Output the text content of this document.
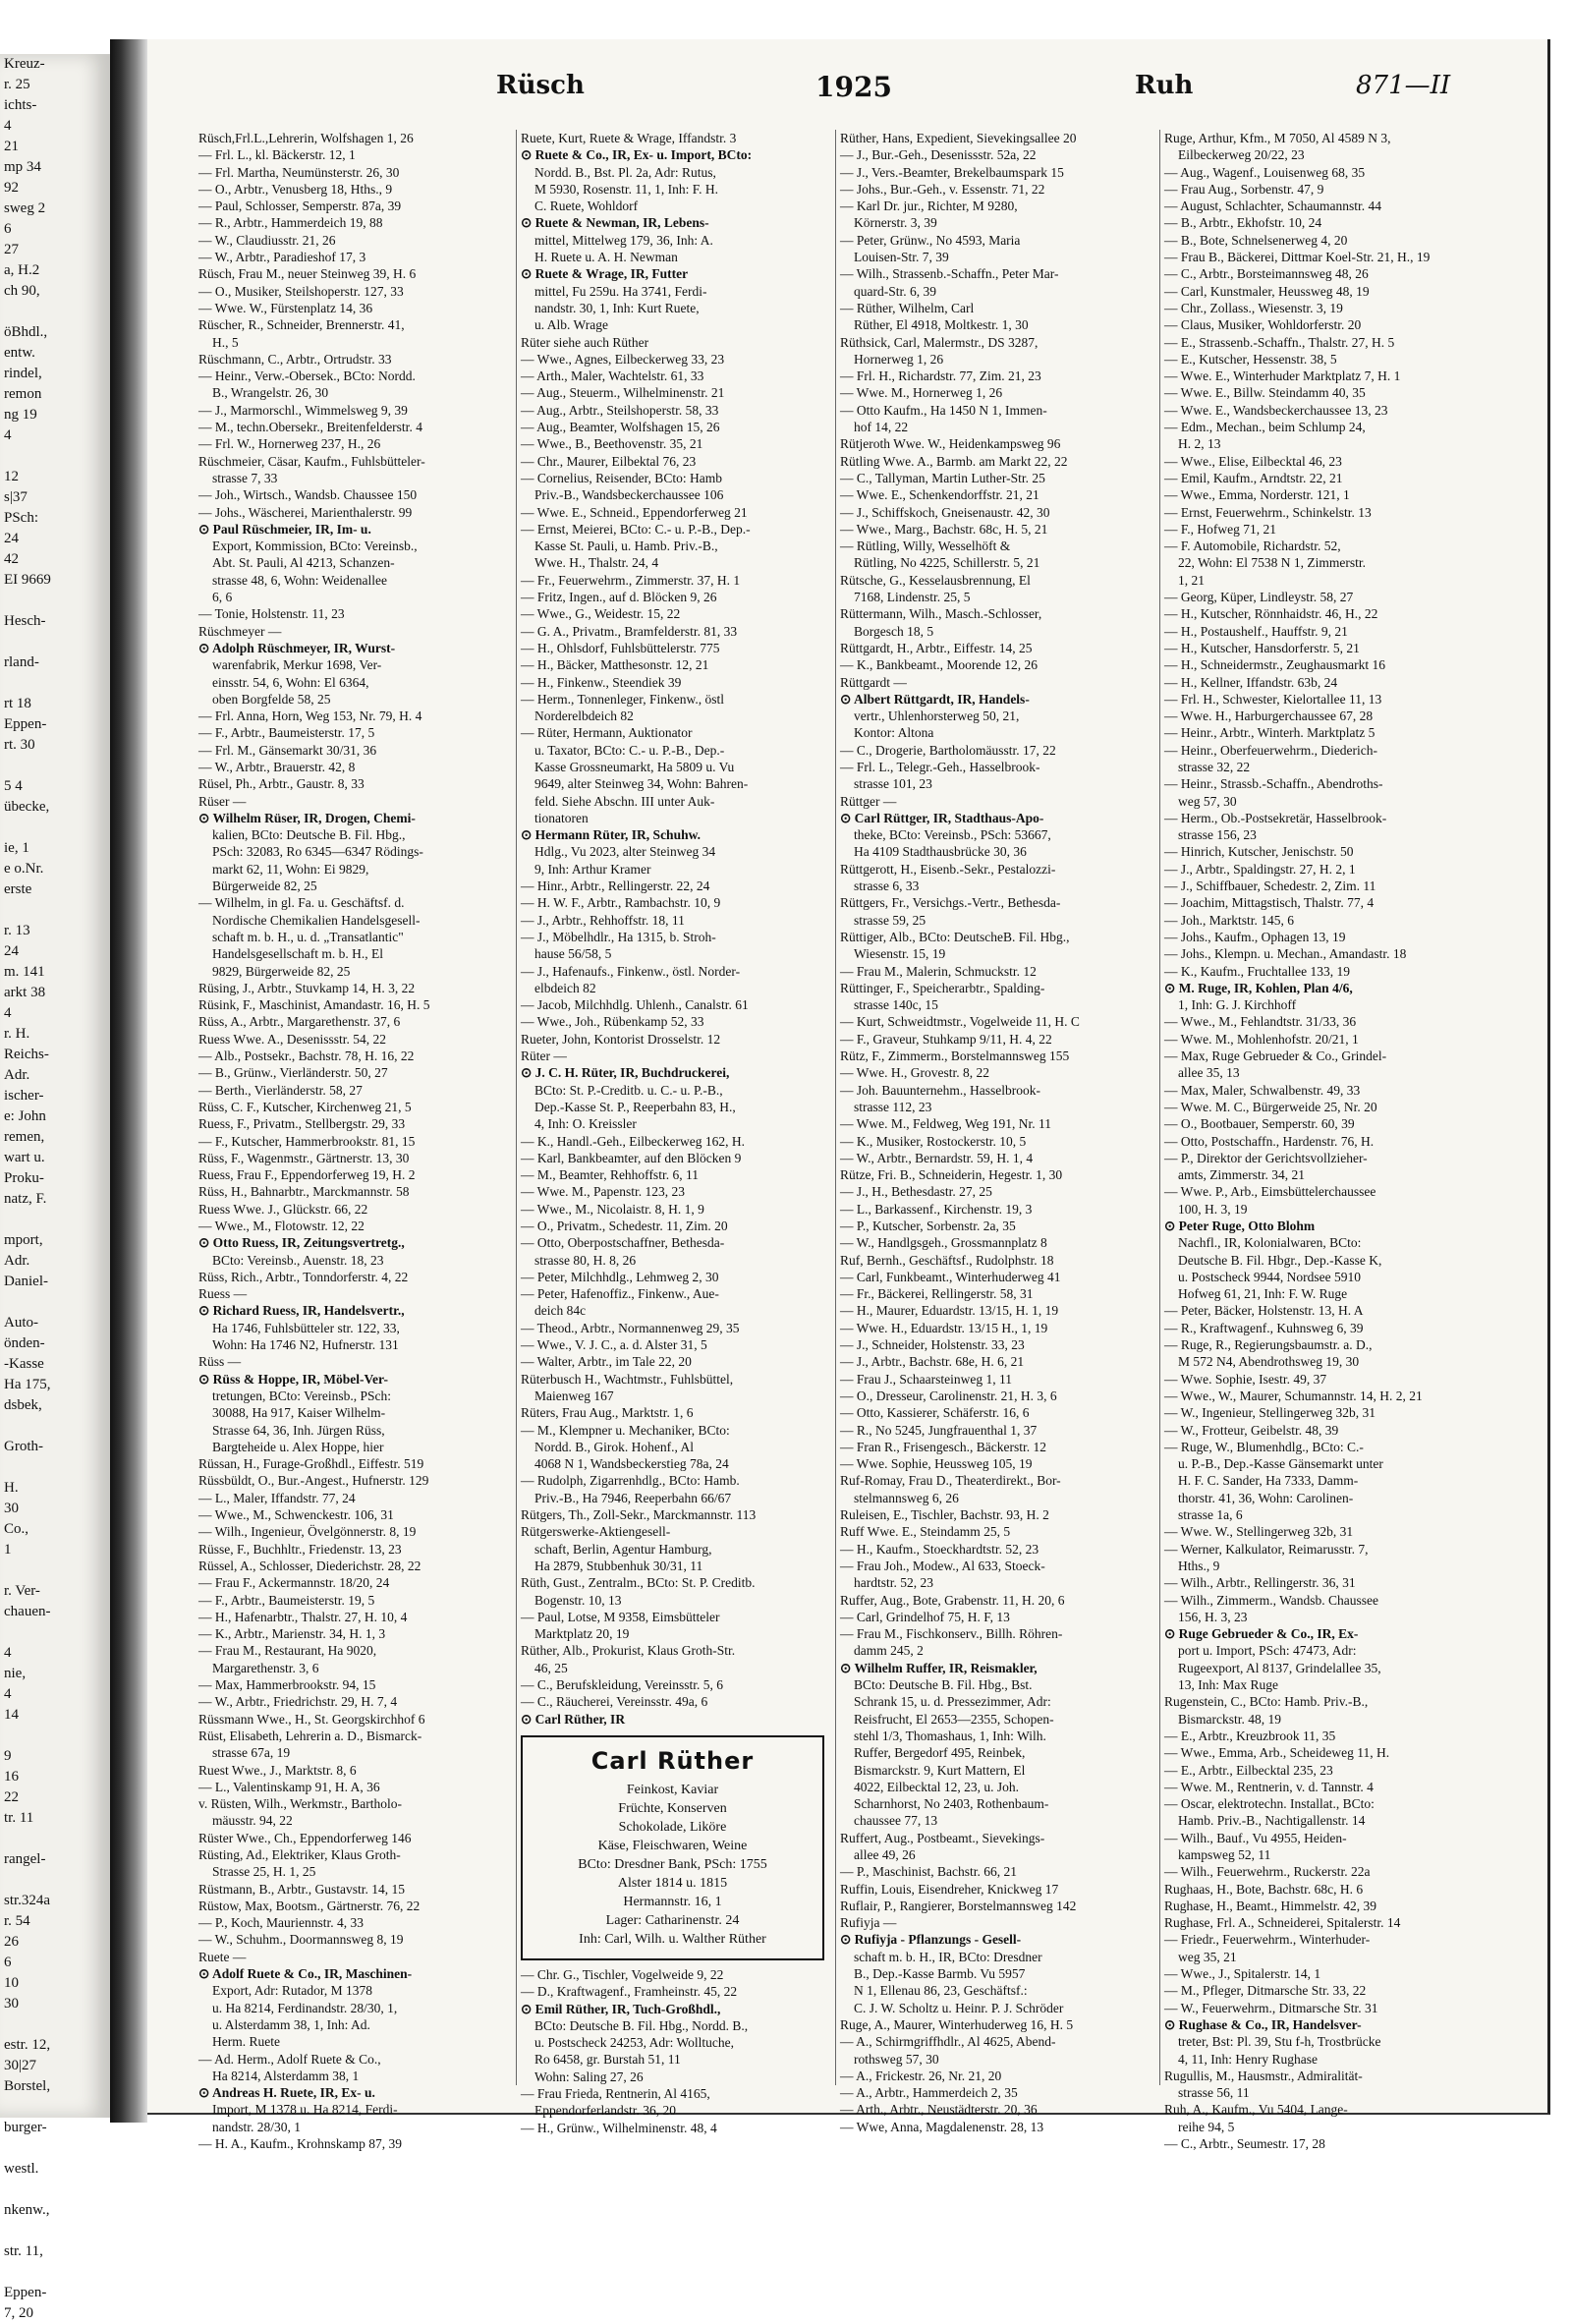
Kreuz-
r. 25
ichts-
4
21
mp 34
92
sweg 2
6
27
a, H.2
ch 90,

öBhdl.,
entw.
rindel,
remon
ng 19
4

12
s|37
PSch:
24
42
EI 9669

Hesch-

rland-

rt 18
Eppen-
rt. 30

5 4
übecke,

ie, 1
e o.Nr.
erste

r. 13
24
m. 141
arkt 38
4
r. H.
Reichs-
Adr.
ischer-
e: John
remen,
wart u.
Proku-
natz, F.

mport,
Adr.
Daniel-

Auto-
önden-
-Kasse
Ha 175,
dsbek,

Groth-

H.
30
Co.,
1

r. Ver-
chauen-

4
nie,
4
14

9
16
22
tr. 11

rangel-

str.324a
r. 54
26
6
10
30

estr. 12,
30|27
Borstel,

burger-

westl.

nkenw.,

str. 11,

Eppen-
7, 20
Rüsch	1925	Ruh	871—II
Rüsch,Frl.L.,Lehrerin, Wolfshagen 1, 26
— Frl. L., kl. Bäckerstr. 12, 1
— Frl. Martha, Neumünsterstr. 26, 30
— O., Arbtr., Venusberg 18, Hths., 9
— Paul, Schlosser, Semperstr. 87a, 39
— R., Arbtr., Hammerdeich 19, 88
— W., Claudiusstr. 21, 26
— W., Arbtr., Paradieshof 17, 3
Rüsch, Frau M., neuer Steinweg 39, H. 6
— O., Musiker, Steilshoperstr. 127, 33
— Wwe. W., Fürstenplatz 14, 36
Rüscher, R., Schneider, Brennerstr. 41,
H., 5
Rüschmann, C., Arbtr., Ortrudstr. 33
— Heinr., Verw.-Obersek., BCto: Nordd.
B., Wrangelstr. 26, 30
— J., Marmorschl., Wimmelsweg 9, 39
— M., techn.Obersekr., Breitenfelderstr. 4
— Frl. W., Hornerweg 237, H., 26
Rüschmeier, Cäsar, Kaufm., Fuhlsbütteler-
strasse 7, 33
— Joh., Wirtsch., Wandsb. Chaussee 150
— Johs., Wäscherei, Marienthalerstr. 99
⊙ Paul Rüschmeier, IR, Im- u.
Export, Kommission, BCto: Vereinsb.,
Abt. St. Pauli, Al 4213, Schanzen-
strasse 48, 6, Wohn: Weidenallee
6, 6
— Tonie, Holstenstr. 11, 23
Rüschmeyer —
⊙ Adolph Rüschmeyer, IR, Wurst-
warenfabrik, Merkur 1698, Ver-
einsstr. 54, 6, Wohn: El 6364,
oben Borgfelde 58, 25
— Frl. Anna, Horn, Weg 153, Nr. 79, H. 4
— F., Arbtr., Baumeisterstr. 17, 5
— Frl. M., Gänsemarkt 30/31, 36
— W., Arbtr., Brauerstr. 42, 8
Rüsel, Ph., Arbtr., Gaustr. 8, 33
Rüser —
⊙ Wilhelm Rüser, IR, Drogen, Chemi-
kalien, BCto: Deutsche B. Fil. Hbg.,
PSch: 32083, Ro 6345—6347 Rödings-
markt 62, 11, Wohn: Ei 9829,
Bürgerweide 82, 25
— Wilhelm, in gl. Fa. u. Geschäftsf. d.
Nordische Chemikalien Handelsgesell-
schaft m. b. H., u. d. „Transatlantic"
Handelsgesellschaft m. b. H., El
9829, Bürgerweide 82, 25
Rüsing, J., Arbtr., Stuvkamp 14, H. 3, 22
Rüsink, F., Maschinist, Amandastr. 16, H. 5
Rüss, A., Arbtr., Margarethenstr. 37, 6
Ruess Wwe. A., Desenissstr. 54, 22
— Alb., Postsekr., Bachstr. 78, H. 16, 22
— B., Grünw., Vierländerstr. 50, 27
— Berth., Vierländerstr. 58, 27
Rüss, C. F., Kutscher, Kirchenweg 21, 5
Ruess, F., Privatm., Stellbergstr. 29, 33
— F., Kutscher, Hammerbrookstr. 81, 15
Rüss, F., Wagenmstr., Gärtnerstr. 13, 30
Ruess, Frau F., Eppendorferweg 19, H. 2
Rüss, H., Bahnarbtr., Marckmannstr. 58
Ruess Wwe. J., Glückstr. 66, 22
— Wwe., M., Flotowstr. 12, 22
⊙ Otto Ruess, IR, Zeitungsvertretg.,
BCto: Vereinsb., Auenstr. 18, 23
Rüss, Rich., Arbtr., Tonndorferstr. 4, 22
Ruess —
⊙ Richard Ruess, IR, Handelsvertr.,
Ha 1746, Fuhlsbütteler str. 122, 33,
Wohn: Ha 1746 N2, Hufnerstr. 131
Rüss —
⊙ Rüss & Hoppe, IR, Möbel-Ver-
tretungen, BCto: Vereinsb., PSch:
30088, Ha 917, Kaiser Wilhelm-
Strasse 64, 36, Inh. Jürgen Rüss,
Bargteheide u. Alex Hoppe, hier
Rüssan, H., Furage-Großhdl., Eiffestr. 519
Rüssbüldt, O., Bur.-Angest., Hufnerstr. 129
— L., Maler, Iffandstr. 77, 24
— Wwe., M., Schwenckestr. 106, 31
— Wilh., Ingenieur, Övelgönnerstr. 8, 19
Rüsse, F., Buchhltr., Friedenstr. 13, 23
Rüssel, A., Schlosser, Diederichstr. 28, 22
— Frau F., Ackermannstr. 18/20, 24
— F., Arbtr., Baumeisterstr. 19, 5
— H., Hafenarbtr., Thalstr. 27, H. 10, 4
— K., Arbtr., Marienstr. 34, H. 1, 3
— Frau M., Restaurant, Ha 9020,
Margarethenstr. 3, 6
— Max, Hammerbrookstr. 94, 15
— W., Arbtr., Friedrichstr. 29, H. 7, 4
Rüssmann Wwe., H., St. Georgskirchhof 6
Rüst, Elisabeth, Lehrerin a. D., Bismarck-
strasse 67a, 19
Ruest Wwe., J., Marktstr. 8, 6
— L., Valentinskamp 91, H. A, 36
v. Rüsten, Wilh., Werkmstr., Bartholo-
mäusstr. 94, 22
Rüster Wwe., Ch., Eppendorferweg 146
Rüsting, Ad., Elektriker, Klaus Groth-
Strasse 25, H. 1, 25
Rüstmann, B., Arbtr., Gustavstr. 14, 15
Rüstow, Max, Bootsm., Gärtnerstr. 76, 22
— P., Koch, Mauriennstr. 4, 33
— W., Schuhm., Doormannsweg 8, 19
Ruete —
⊙ Adolf Ruete & Co., IR, Maschinen-
Export, Adr: Rutador, M 1378
u. Ha 8214, Ferdinandstr. 28/30, 1,
u. Alsterdamm 38, 1, Inh: Ad.
Herm. Ruete
— Ad. Herm., Adolf Ruete & Co.,
Ha 8214, Alsterdamm 38, 1
⊙ Andreas H. Ruete, IR, Ex- u.
Import, M 1378 u. Ha 8214, Ferdi-
nandstr. 28/30, 1
— H. A., Kaufm., Krohnskamp 87, 39
Ruete, Kurt, Ruete & Wrage, Iffandstr. 3
⊙ Ruete & Co., IR, Ex- u. Import, BCto:
Nordd. B., Bst. Pl. 2a, Adr: Rutus,
M 5930, Rosenstr. 11, 1, Inh: F. H.
C. Ruete, Wohldorf
⊙ Ruete & Newman, IR, Lebens-
mittel, Mittelweg 179, 36, Inh: A.
H. Ruete u. A. H. Newman
⊙ Ruete & Wrage, IR, Futter
mittel, Fu 259u. Ha 3741, Ferdi-
nandstr. 30, 1, Inh: Kurt Ruete,
u. Alb. Wrage
Rüter siehe auch Rüther
— Wwe., Agnes, Eilbeckerweg 33, 23
— Arth., Maler, Wachtelstr. 61, 33
— Aug., Steuerm., Wilhelminenstr. 21
— Aug., Arbtr., Steilshoperstr. 58, 33
— Aug., Beamter, Wolfshagen 15, 26
— Wwe., B., Beethovenstr. 35, 21
— Chr., Maurer, Eilbektal 76, 23
— Cornelius, Reisender, BCto: Hamb
Priv.-B., Wandsbeckerchaussee 106
— Wwe. E., Schneid., Eppendorferweg 21
— Ernst, Meierei, BCto: C.- u. P.-B., Dep.-
Kasse St. Pauli, u. Hamb. Priv.-B.,
Wwe. H., Thalstr. 24, 4
— Fr., Feuerwehrm., Zimmerstr. 37, H. 1
— Fritz, Ingen., auf d. Blöcken 9, 26
— Wwe., G., Weidestr. 15, 22
— G. A., Privatm., Bramfelderstr. 81, 33
— H., Ohlsdorf, Fuhlsbüttelerstr. 775
— H., Bäcker, Matthesonstr. 12, 21
— H., Finkenw., Steendiek 39
— Herm., Tonnenleger, Finkenw., östl
Norderelbdeich 82
— Rüter, Hermann, Auktionator
u. Taxator, BCto: C.- u. P.-B., Dep.-
Kasse Grossneumarkt, Ha 5809 u. Vu
9649, alter Steinweg 34, Wohn: Bahren-
feld. Siehe Abschn. III unter Auk-
tionatoren
⊙ Hermann Rüter, IR, Schuhw.
Hdlg., Vu 2023, alter Steinweg 34
9, Inh: Arthur Kramer
— Hinr., Arbtr., Rellingerstr. 22, 24
— H. W. F., Arbtr., Rambachstr. 10, 9
— J., Arbtr., Rehhoffstr. 18, 11
— J., Möbelhdlr., Ha 1315, b. Stroh-
hause 56/58, 5
— J., Hafenaufs., Finkenw., östl. Norder-
elbdeich 82
— Jacob, Milchhdlg. Uhlenh., Canalstr. 61
— Wwe., Joh., Rübenkamp 52, 33
Rueter, John, Kontorist Drosselstr. 12
Rüter —
⊙ J. C. H. Rüter, IR, Buchdruckerei,
BCto: St. P.-Creditb. u. C.- u. P.-B.,
Dep.-Kasse St. P., Reeperbahn 83, H.,
4, Inh: O. Kreissler
— K., Handl.-Geh., Eilbeckerweg 162, H.
— Karl, Bankbeamter, auf den Blöcken 9
— M., Beamter, Rehhoffstr. 6, 11
— Wwe. M., Papenstr. 123, 23
— Wwe., M., Nicolaistr. 8, H. 1, 9
— O., Privatm., Schedestr. 11, Zim. 20
— Otto, Oberpostschaffner, Bethesda-
strasse 80, H. 8, 26
— Peter, Milchhdlg., Lehmweg 2, 30
— Peter, Hafenoffiz., Finkenw., Aue-
deich 84c
— Theod., Arbtr., Normannenweg 29, 35
— Wwe., V. J. C., a. d. Alster 31, 5
— Walter, Arbtr., im Tale 22, 20
Rüterbusch H., Wachtmstr., Fuhlsbüttel,
Maienweg 167
Rüters, Frau Aug., Marktstr. 1, 6
— M., Klempner u. Mechaniker, BCto:
Nordd. B., Girok. Hohenf., Al
4068 N 1, Wandsbeckerstieg 78a, 24
— Rudolph, Zigarrenhdlg., BCto: Hamb.
Priv.-B., Ha 7946, Reeperbahn 66/67
Rütgers, Th., Zoll-Sekr., Marckmannstr. 113
Rütgerswerke-Aktiengesell-
schaft, Berlin, Agentur Hamburg,
Ha 2879, Stubbenhuk 30/31, 11
Rüth, Gust., Zentralm., BCto: St. P. Creditb.
Bogenstr. 10, 13
— Paul, Lotse, M 9358, Eimsbütteler
Marktplatz 20, 19
Rüther, Alb., Prokurist, Klaus Groth-Str.
46, 25
— C., Berufskleidung, Vereinsstr. 5, 6
— C., Räucherei, Vereinsstr. 49a, 6
⊙ Carl Rüther, IR
Carl Rüther
Feinkost, Kaviar
Früchte, Konserven
Schokolade, Liköre
Käse, Fleischwaren, Weine
BCto: Dresdner Bank, PSch: 1755
Alster 1814 u. 1815
Hermannstr. 16, 1
Lager: Catharinenstr. 24
Inh: Carl, Wilh. u. Walther Rüther
— Chr. G., Tischler, Vogelweide 9, 22
— D., Kraftwagenf., Framheinstr. 45, 22
⊙ Emil Rüther, IR, Tuch-Großhdl.,
BCto: Deutsche B. Fil. Hbg., Nordd. B.,
u. Postscheck 24253, Adr: Wolltuche,
Ro 6458, gr. Burstah 51, 11
Wohn: Saling 27, 26
— Frau Frieda, Rentnerin, Al 4165,
Eppendorferlandstr. 36, 20
— H., Grünw., Wilhelminenstr. 48, 4
Rüther, Hans, Expedient, Sievekingsallee 20
— J., Bur.-Geh., Desenissstr. 52a, 22
— J., Vers.-Beamter, Brekelbaumspark 15
— Johs., Bur.-Geh., v. Essenstr. 71, 22
— Karl Dr. jur., Richter, M 9280,
Körnerstr. 3, 39
— Peter, Grünw., No 4593, Maria
Louisen-Str. 7, 39
— Wilh., Strassenb.-Schaffn., Peter Mar-
quard-Str. 6, 39
— Rüther, Wilhelm, Carl
Rüther, El 4918, Moltkestr. 1, 30
Rüthsick, Carl, Malermstr., DS 3287,
Hornerweg 1, 26
— Frl. H., Richardstr. 77, Zim. 21, 23
— Wwe. M., Hornerweg 1, 26
— Otto Kaufm., Ha 1450 N 1, Immen-
hof 14, 22
Rütjeroth Wwe. W., Heidenkampsweg 96
Rütling Wwe. A., Barmb. am Markt 22, 22
— C., Tallyman, Martin Luther-Str. 25
— Wwe. E., Schenkendorffstr. 21, 21
— J., Schiffskoch, Gneisenaustr. 42, 30
— Wwe., Marg., Bachstr. 68c, H. 5, 21
— Rütling, Willy, Wesselhöft &
Rütling, No 4225, Schillerstr. 5, 21
Rütsche, G., Kesselausbrennung, El
7168, Lindenstr. 25, 5
Rüttermann, Wilh., Masch.-Schlosser,
Borgesch 18, 5
Rüttgardt, H., Arbtr., Eiffestr. 14, 25
— K., Bankbeamt., Moorende 12, 26
Rüttgardt —
⊙ Albert Rüttgardt, IR, Handels-
vertr., Uhlenhorsterweg 50, 21,
Kontor: Altona
— C., Drogerie, Bartholomäusstr. 17, 22
— Frl. L., Telegr.-Geh., Hasselbrook-
strasse 101, 23
Rüttger —
⊙ Carl Rüttger, IR, Stadthaus-Apo-
theke, BCto: Vereinsb., PSch: 53667,
Ha 4109 Stadthausbrücke 30, 36
Rüttgerott, H., Eisenb.-Sekr., Pestalozzi-
strasse 6, 33
Rüttgers, Fr., Versichgs.-Vertr., Bethesda-
strasse 59, 25
Rüttiger, Alb., BCto: DeutscheB. Fil. Hbg.,
Wiesenstr. 15, 19
— Frau M., Malerin, Schmuckstr. 12
Rüttinger, F., Speicherarbtr., Spalding-
strasse 140c, 15
— Kurt, Schweidtmstr., Vogelweide 11, H. C
— F., Graveur, Stuhkamp 9/11, H. 4, 22
Rütz, F., Zimmerm., Borstelmannsweg 155
— Wwe. H., Grovestr. 8, 22
— Joh. Bauunternehm., Hasselbrook-
strasse 112, 23
— Wwe. M., Feldweg, Weg 191, Nr. 11
— K., Musiker, Rostockerstr. 10, 5
— W., Arbtr., Bernardstr. 59, H. 1, 4
Rütze, Fri. B., Schneiderin, Hegestr. 1, 30
— J., H., Bethesdastr. 27, 25
— L., Barkassenf., Kirchenstr. 19, 3
— P., Kutscher, Sorbenstr. 2a, 35
— W., Handlgsgeh., Grossmannplatz 8
Ruf, Bernh., Geschäftsf., Rudolphstr. 18
— Carl, Funkbeamt., Winterhuderweg 41
— Fr., Bäckerei, Rellingerstr. 58, 31
— H., Maurer, Eduardstr. 13/15, H. 1, 19
— Wwe. H., Eduardstr. 13/15 H., 1, 19
— J., Schneider, Holstenstr. 33, 23
— J., Arbtr., Bachstr. 68e, H. 6, 21
— Frau J., Schaarsteinweg 1, 11
— O., Dresseur, Carolinenstr. 21, H. 3, 6
— Otto, Kassierer, Schäferstr. 16, 6
— R., No 5245, Jungfrauenthal 1, 37
— Fran R., Frisengesch., Bäckerstr. 12
— Wwe. Sophie, Heussweg 105, 19
Ruf-Romay, Frau D., Theaterdirekt., Bor-
stelmannsweg 6, 26
Ruleisen, E., Tischler, Bachstr. 93, H. 2
Ruff Wwe. E., Steindamm 25, 5
— H., Kaufm., Stoeckhardtstr. 52, 23
— Frau Joh., Modew., Al 633, Stoeck-
hardtstr. 52, 23
Ruffer, Aug., Bote, Grabenstr. 11, H. 20, 6
— Carl, Grindelhof 75, H. F, 13
— Frau M., Fischkonserv., Billh. Röhren-
damm 245, 2
⊙ Wilhelm Ruffer, IR, Reismakler,
BCto: Deutsche B. Fil. Hbg., Bst.
Schrank 15, u. d. Pressezimmer, Adr:
Reisfrucht, El 2653—2355, Schopen-
stehl 1/3, Thomashaus, 1, Inh: Wilh.
Ruffer, Bergedorf 495, Reinbek,
Bismarckstr. 9, Kurt Mattern, El
4022, Eilbecktal 12, 23, u. Joh.
Scharnhorst, No 2403, Rothenbaum-
chaussee 77, 13
Ruffert, Aug., Postbeamt., Sievekings-
allee 49, 26
— P., Maschinist, Bachstr. 66, 21
Ruffin, Louis, Eisendreher, Knickweg 17
Ruflair, P., Rangierer, Borstelmannsweg 142
Rufiyja —
⊙ Rufiyja - Pflanzungs - Gesell-
schaft m. b. H., IR, BCto: Dresdner
B., Dep.-Kasse Barmb. Vu 5957
N 1, Ellenau 86, 23, Geschäftsf.:
C. J. W. Scholtz u. Heinr. P. J. Schröder
Ruge, A., Maurer, Winterhuderweg 16, H. 5
— A., Schirmgriffhdlr., Al 4625, Abend-
rothsweg 57, 30
— A., Frickestr. 26, Nr. 21, 20
— A., Arbtr., Hammerdeich 2, 35
— Arth., Arbtr., Neustädterstr. 20, 36
— Wwe, Anna, Magdalenenstr. 28, 13
Ruge, Arthur, Kfm., M 7050, Al 4589 N 3,
Eilbeckerweg 20/22, 23
— Aug., Wagenf., Louisenweg 68, 35
— Frau Aug., Sorbenstr. 47, 9
— August, Schlachter, Schaumannstr. 44
— B., Arbtr., Ekhofstr. 10, 24
— B., Bote, Schnelsenerweg 4, 20
— Frau B., Bäckerei, Dittmar Koel-Str. 21, H., 19
— C., Arbtr., Borsteimannsweg 48, 26
— Carl, Kunstmaler, Heussweg 48, 19
— Chr., Zollass., Wiesenstr. 3, 19
— Claus, Musiker, Wohldorferstr. 20
— E., Strassenb.-Schaffn., Thalstr. 27, H. 5
— E., Kutscher, Hessenstr. 38, 5
— Wwe. E., Winterhuder Marktplatz 7, H. 1
— Wwe. E., Billw. Steindamm 40, 35
— Wwe. E., Wandsbeckerchaussee 13, 23
— Edm., Mechan., beim Schlump 24,
H. 2, 13
— Wwe., Elise, Eilbecktal 46, 23
— Emil, Kaufm., Arndtstr. 22, 21
— Wwe., Emma, Norderstr. 121, 1
— Ernst, Feuerwehrm., Schinkelstr. 13
— F., Hofweg 71, 21
— F. Automobile, Richardstr. 52,
22, Wohn: El 7538 N 1, Zimmerstr.
1, 21
— Georg, Küper, Lindleystr. 58, 27
— H., Kutscher, Rönnhaidstr. 46, H., 22
— H., Postaushelf., Hauffstr. 9, 21
— H., Kutscher, Hansdorferstr. 5, 21
— H., Schneidermstr., Zeughausmarkt 16
— H., Kellner, Iffandstr. 63b, 24
— Frl. H., Schwester, Kielortallee 11, 13
— Wwe. H., Harburgerchaussee 67, 28
— Heinr., Arbtr., Winterh. Marktplatz 5
— Heinr., Oberfeuerwehrm., Diederich-
strasse 32, 22
— Heinr., Strassb.-Schaffn., Abendroths-
weg 57, 30
— Herm., Ob.-Postsekretär, Hasselbrook-
strasse 156, 23
— Hinrich, Kutscher, Jenischstr. 50
— J., Arbtr., Spaldingstr. 27, H. 2, 1
— J., Schiffbauer, Schedestr. 2, Zim. 11
— Joachim, Mittagstisch, Thalstr. 77, 4
— Joh., Marktstr. 145, 6
— Johs., Kaufm., Ophagen 13, 19
— Johs., Klempn. u. Mechan., Amandastr. 18
— K., Kaufm., Fruchtallee 133, 19
⊙ M. Ruge, IR, Kohlen, Plan 4/6,
1, Inh: G. J. Kirchhoff
— Wwe., M., Fehlandtstr. 31/33, 36
— Wwe. M., Mohlenhofstr. 20/21, 1
— Max, Ruge Gebrueder & Co., Grindel-
allee 35, 13
— Max, Maler, Schwalbenstr. 49, 33
— Wwe. M. C., Bürgerweide 25, Nr. 20
— O., Bootbauer, Semperstr. 60, 39
— Otto, Postschaffn., Hardenstr. 76, H.
— P., Direktor der Gerichtsvollzieher-
amts, Zimmerstr. 34, 21
— Wwe. P., Arb., Eimsbüttelerchaussee
100, H. 3, 19
⊙ Peter Ruge, Otto Blohm
Nachfl., IR, Kolonialwaren, BCto:
Deutsche B. Fil. Hbgr., Dep.-Kasse K,
u. Postscheck 9944, Nordsee 5910
Hofweg 61, 21, Inh: F. W. Ruge
— Peter, Bäcker, Holstenstr. 13, H. A
— R., Kraftwagenf., Kuhnsweg 6, 39
— Ruge, R., Regierungsbaumstr. a. D.,
M 572 N4, Abendrothsweg 19, 30
— Wwe. Sophie, Isestr. 49, 37
— Wwe., W., Maurer, Schumannstr. 14, H. 2, 21
— W., Ingenieur, Stellingerweg 32b, 31
— W., Frotteur, Geibelstr. 48, 39
— Ruge, W., Blumenhdlg., BCto: C.-
u. P.-B., Dep.-Kasse Gänsemarkt unter
H. F. C. Sander, Ha 7333, Damm-
thorstr. 41, 36, Wohn: Carolinen-
strasse 1a, 6
— Wwe. W., Stellingerweg 32b, 31
— Werner, Kalkulator, Reimarusstr. 7,
Hths., 9
— Wilh., Arbtr., Rellingerstr. 36, 31
— Wilh., Zimmerm., Wandsb. Chaussee
156, H. 3, 23
⊙ Ruge Gebrueder & Co., IR, Ex-
port u. Import, PSch: 47473, Adr:
Rugeexport, Al 8137, Grindelallee 35,
13, Inh: Max Ruge
Rugenstein, C., BCto: Hamb. Priv.-B.,
Bismarckstr. 48, 19
— E., Arbtr., Kreuzbrook 11, 35
— Wwe., Emma, Arb., Scheideweg 11, H.
— E., Arbtr., Eilbecktal 235, 23
— Wwe. M., Rentnerin, v. d. Tannstr. 4
— Oscar, elektrotechn. Installat., BCto:
Hamb. Priv.-B., Nachtigallenstr. 14
— Wilh., Bauf., Vu 4955, Heiden-
kampsweg 52, 11
— Wilh., Feuerwehrm., Ruckerstr. 22a
Rughaas, H., Bote, Bachstr. 68c, H. 6
Rughase, H., Beamt., Himmelstr. 42, 39
Rughase, Frl. A., Schneiderei, Spitalerstr. 14
— Friedr., Feuerwehrm., Winterhuder-
weg 35, 21
— Wwe., J., Spitalerstr. 14, 1
— M., Pfleger, Ditmarsche Str. 33, 22
— W., Feuerwehrm., Ditmarsche Str. 31
⊙ Rughase & Co., IR, Handelsver-
treter, Bst: Pl. 39, Stu f-h, Trostbrücke
4, 11, Inh: Henry Rughase
Rugullis, M., Hausmstr., Admiralität-
strasse 56, 11
Ruh, A., Kaufm., Vu 5404, Lange-
reihe 94, 5
— C., Arbtr., Seumestr. 17, 28
